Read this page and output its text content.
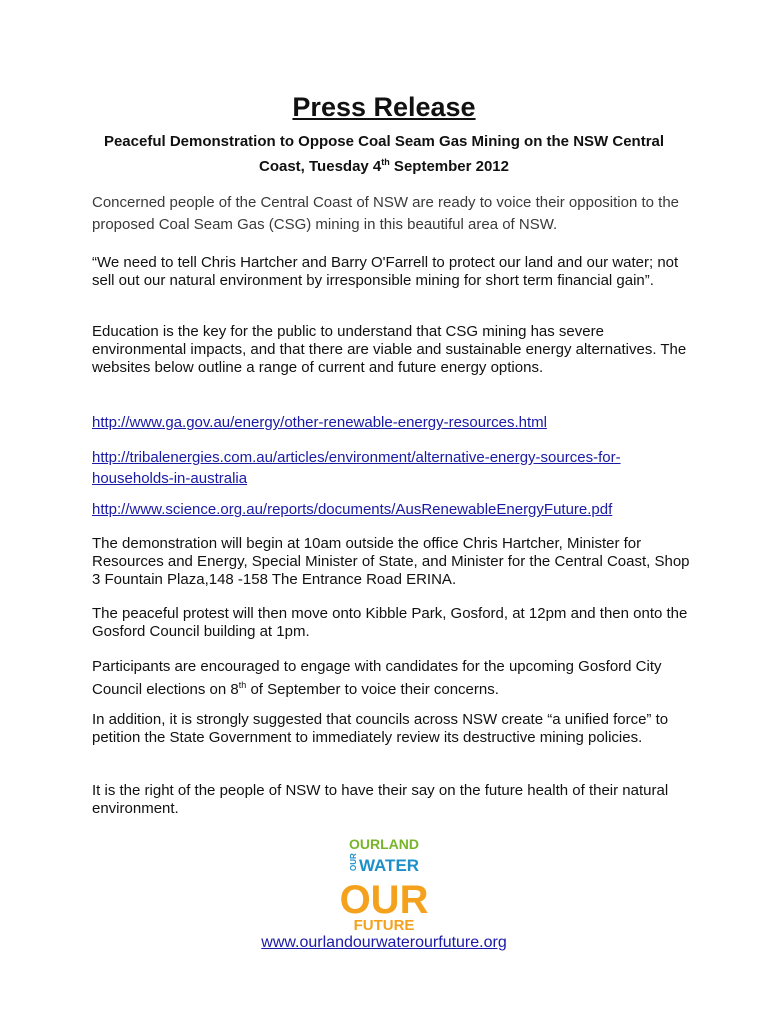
Press Release
Peaceful Demonstration to Oppose Coal Seam Gas Mining on the NSW Central
Coast, Tuesday 4th September 2012

Concerned people of the Central Coast of NSW are ready to voice their opposition to the proposed Coal Seam Gas (CSG) mining in this beautiful area of NSW.

“We need to tell Chris Hartcher and Barry O'Farrell to protect our land and our water; not sell out our natural environment by irresponsible mining for short term financial gain”.

Education is the key for the public to understand that CSG mining has severe environmental impacts, and that there are viable and sustainable energy alternatives. The websites below outline a range of current and future energy options.

http://www.ga.gov.au/energy/other-renewable-energy-resources.html

http://tribalenergies.com.au/articles/environment/alternative-energy-sources-for-households-in-australia

http://www.science.org.au/reports/documents/AusRenewableEnergyFuture.pdf

The demonstration will begin at 10am outside the office Chris Hartcher, Minister for Resources and Energy, Special Minister of State, and Minister for the Central Coast, Shop 3 Fountain Plaza,148 -158 The Entrance Road ERINA.

The peaceful protest will then move onto Kibble Park, Gosford, at 12pm and then onto the Gosford Council building at 1pm.

Participants are encouraged to engage with candidates for the upcoming Gosford City Council elections on 8th of September to voice their concerns.

In addition, it is strongly suggested that councils across NSW create “a unified force” to petition the State Government to immediately review its destructive mining policies.

It is the right of the people of NSW to have their say on the future health of their natural environment.

OURLAND
OUR WATER
OUR
FUTURE
www.ourlandourwaterourfuture.org
